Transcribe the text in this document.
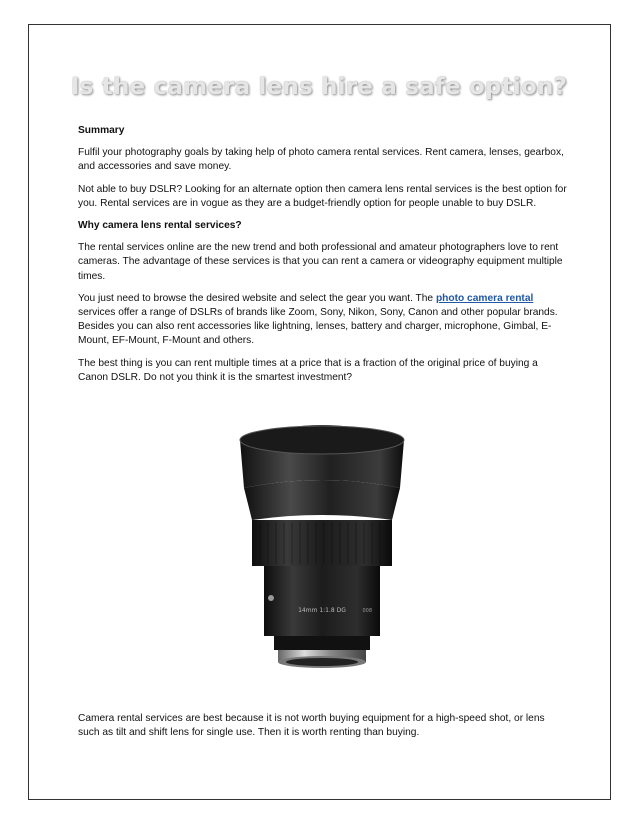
Is the camera lens hire a safe option?

Summary

Fulfil your photography goals by taking help of photo camera rental services. Rent camera, lenses, gearbox, and accessories and save money.

Not able to buy DSLR? Looking for an alternate option then camera lens rental services is the best option for you. Rental services are in vogue as they are a budget-friendly option for people unable to buy DSLR.

Why camera lens rental services?

The rental services online are the new trend and both professional and amateur photographers love to rent cameras. The advantage of these services is that you can rent a camera or videography equipment multiple times.

You just need to browse the desired website and select the gear you want. The photo camera rental services offer a range of DSLRs of brands like Zoom, Sony, Nikon, Sony, Canon and other popular brands. Besides you can also rent accessories like lightning, lenses, battery and charger, microphone, Gimbal, E-Mount, EF-Mount, F-Mount and others.

The best thing is you can rent multiple times at a price that is a fraction of the original price of buying a Canon DSLR. Do not you think it is the smartest investment?

14mm 1:1.8 DG	008
Camera rental services are best because it is not worth buying equipment for a high-speed shot, or lens such as tilt and shift lens for single use. Then it is worth renting than buying.
